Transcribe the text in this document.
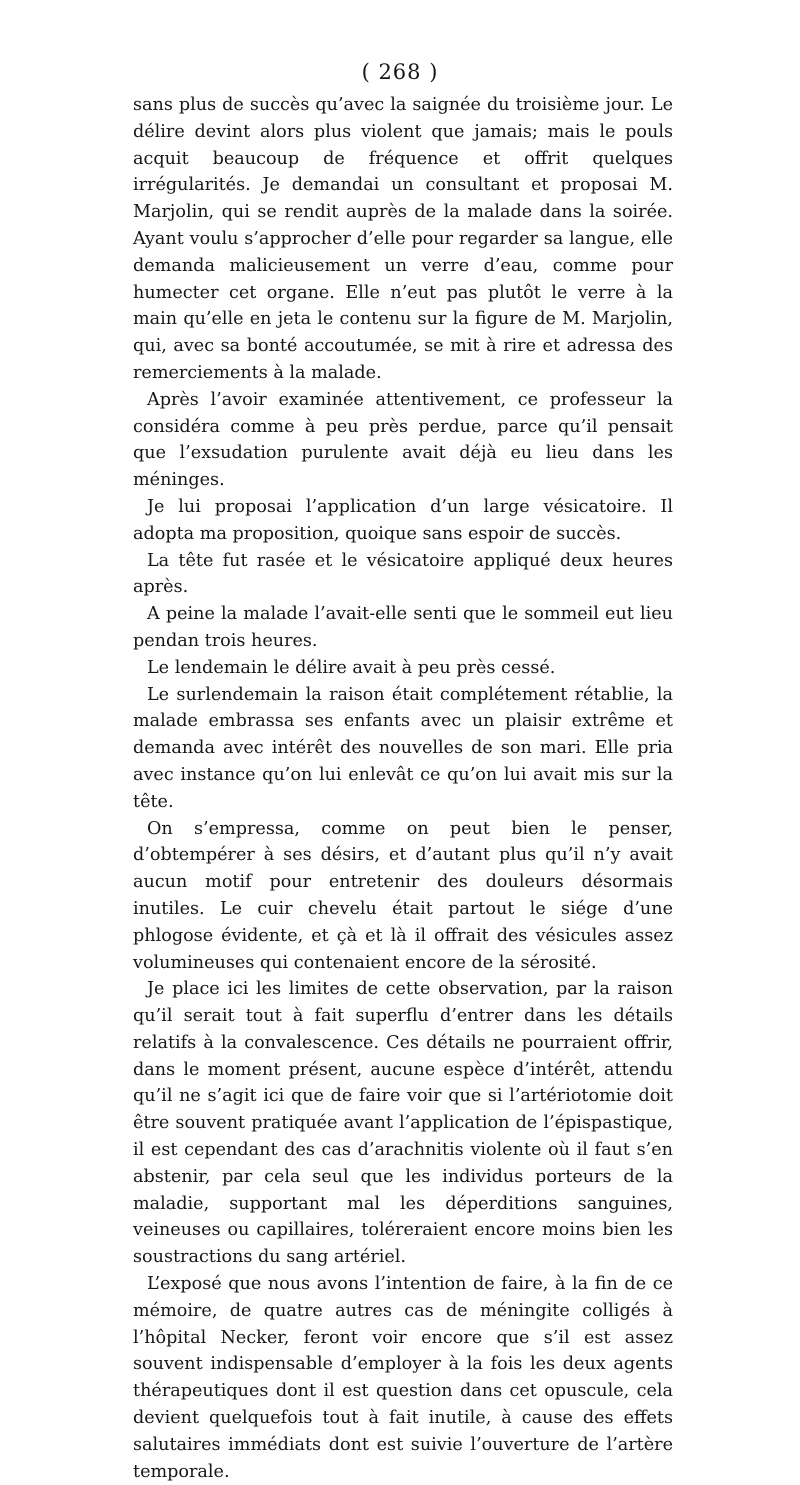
( 268 )

sans plus de succès qu’avec la saignée du troisième jour. Le délire devint alors plus violent que jamais; mais le pouls acquit beaucoup de fréquence et offrit quelques irrégularités. Je demandai un consultant et proposai M. Marjolin, qui se rendit auprès de la malade dans la soirée. Ayant voulu s’approcher d’elle pour regarder sa langue, elle demanda malicieusement un verre d’eau, comme pour humecter cet organe. Elle n’eut pas plutôt le verre à la main qu’elle en jeta le contenu sur la figure de M. Marjolin, qui, avec sa bonté accoutumée, se mit à rire et adressa des remerciements à la malade.

Après l’avoir examinée attentivement, ce professeur la considéra comme à peu près perdue, parce qu’il pensait que l’exsudation purulente avait déjà eu lieu dans les méninges.

Je lui proposai l’application d’un large vésicatoire. Il adopta ma proposition, quoique sans espoir de succès.

La tête fut rasée et le vésicatoire appliqué deux heures après.

A peine la malade l’avait-elle senti que le sommeil eut lieu pendan trois heures.

Le lendemain le délire avait à peu près cessé.

Le surlendemain la raison était complétement rétablie, la malade embrassa ses enfants avec un plaisir extrême et demanda avec intérêt des nouvelles de son mari. Elle pria avec instance qu’on lui enlevât ce qu’on lui avait mis sur la tête.

On s’empressa, comme on peut bien le penser, d’obtempérer à ses désirs, et d’autant plus qu’il n’y avait aucun motif pour entretenir des douleurs désormais inutiles. Le cuir chevelu était partout le siége d’une phlogose évidente, et çà et là il offrait des vésicules assez volumineuses qui contenaient encore de la sérosité.

Je place ici les limites de cette observation, par la raison qu’il serait tout à fait superflu d’entrer dans les détails relatifs à la convalescence. Ces détails ne pourraient offrir, dans le moment présent, aucune espèce d’intérêt, attendu qu’il ne s’agit ici que de faire voir que si l’artériotomie doit être souvent pratiquée avant l’application de l’épispastique, il est cependant des cas d’arachnitis violente où il faut s’en abstenir, par cela seul que les individus porteurs de la maladie, supportant mal les déperditions sanguines, veineuses ou capillaires, toléreraient encore moins bien les soustractions du sang artériel.

L’exposé que nous avons l’intention de faire, à la fin de ce mémoire, de quatre autres cas de méningite colligés à l’hôpital Necker, feront voir encore que s’il est assez souvent indispensable d’employer à la fois les deux agents thérapeutiques dont il est question dans cet opuscule, cela devient quelquefois tout à fait inutile, à cause des effets salutaires immédiats dont est suivie l’ouverture de l’artère temporale.
